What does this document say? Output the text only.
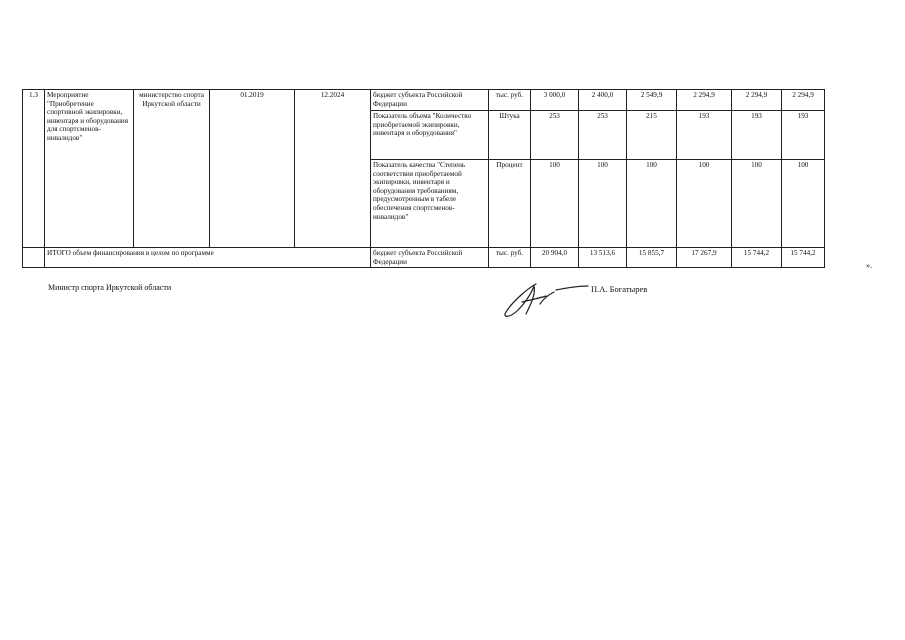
1.3	Мероприятие "Приобретение спортивной экипировки, инвентаря и оборудования для спортсменов-инвалидов"	министерство спорта Иркутской области	01.2019	12.2024	бюджет субъекта Российской Федерации	тыс. руб.	3 000,0	2 400,0	2 549,9	2 294,9	2 294,9	2 294,9
					Показатель объема "Количество приобретаемой экипировки, инвентаря и оборудования"	Штука	253	253	215	193	193	193
					Показатель качества "Степень соответствия приобретаемой экипировки, инвентаря и оборудования требованиям, предусмотренным в табеле обеспечения спортсменов-инвалидов"	Процент	100	100	100	100	100	100
	ИТОГО объем финансирования в целом по программе				бюджет субъекта Российской Федерации	тыс. руб.	20 904,0	13 513,6	15 855,7	17 267,9	15 744,2	15 744,2
».
Министр спорта Иркутской области	П.А. Богатырев
